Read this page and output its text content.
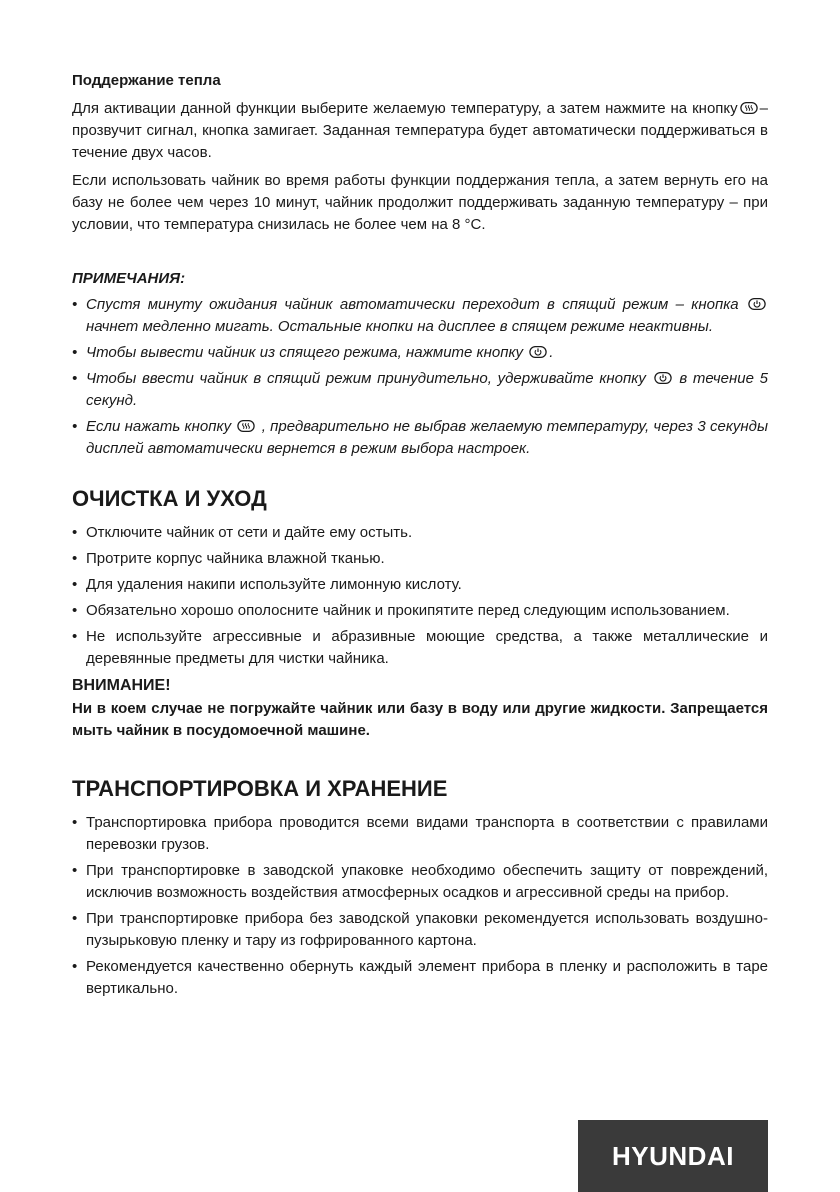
Поддержание тепла

Для активации данной функции выберите желаемую температуру, а затем нажмите на кнопку – прозвучит сигнал, кнопка замигает. Заданная температура будет автоматически поддерживаться в течение двух часов.

Если использовать чайник во время работы функции поддержания тепла, а затем вернуть его на базу не более чем через 10 минут, чайник продолжит поддерживать заданную температуру – при условии, что температура снизилась не более чем на 8 °C.

ПРИМЕЧАНИЯ:

• Спустя минуту ожидания чайник автоматически переходит в спящий режим – кнопка  начнет медленно мигать. Остальные кнопки на дисплее в спящем режиме неактивны.
• Чтобы вывести чайник из спящего режима, нажмите кнопку .
• Чтобы ввести чайник в спящий режим принудительно, удерживайте кнопку в течение 5 секунд.
• Если нажать кнопку , предварительно не выбрав желаемую температуру, через 3 секунды дисплей автоматически вернется в режим выбора настроек.

ОЧИСТКА И УХОД

• Отключите чайник от сети и дайте ему остыть.
• Протрите корпус чайника влажной тканью.
• Для удаления накипи используйте лимонную кислоту.
• Обязательно хорошо ополосните чайник и прокипятите перед следующим использованием.
• Не используйте агрессивные и абразивные моющие средства, а также металлические и деревянные предметы для чистки чайника.

ВНИМАНИЕ!

Ни в коем случае не погружайте чайник или базу в воду или другие жидкости. Запрещается мыть чайник в посудомоечной машине.

ТРАНСПОРТИРОВКА И ХРАНЕНИЕ

• Транспортировка прибора проводится всеми видами транспорта в соответствии с правилами перевозки грузов.
• При транспортировке в заводской упаковке необходимо обеспечить защиту от повреждений, исключив возможность воздействия атмосферных осадков и агрессивной среды на прибор.
• При транспортировке прибора без заводской упаковки рекомендуется использовать воздушно-пузырьковую пленку и тару из гофрированного картона.
• Рекомендуется качественно обернуть каждый элемент прибора в пленку и расположить в таре вертикально.
HYUNDAI
